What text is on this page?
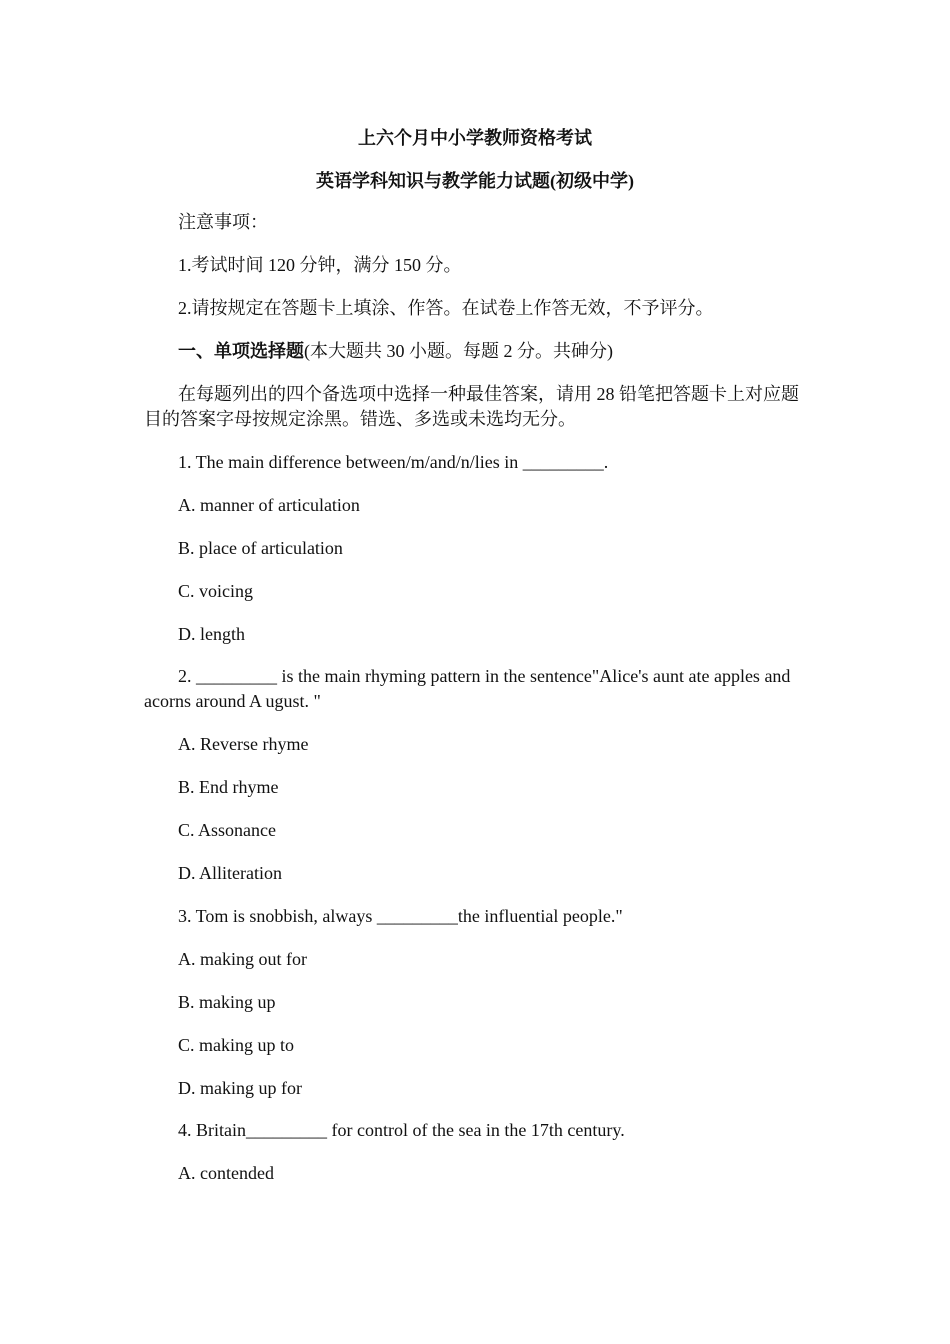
上六个月中小学教师资格考试
英语学科知识与教学能力试题(初级中学)
注意事项：
1.考试时间 120 分钟，满分 150 分。
2.请按规定在答题卡上填涂、作答。在试卷上作答无效，不予评分。
一、单项选择题(本大题共 30 小题。每题 2 分。共砷分)
在每题列出的四个备选项中选择一种最佳答案，请用 28 铅笔把答题卡上对应题目的答案字母按规定涂黑。错选、多选或未选均无分。
1. The main difference between/m/and/n/lies in _________.
A. manner of articulation
B. place of articulation
C. voicing
D. length
2. _________ is the main rhyming pattern in the sentence"Alice's aunt ate apples and acorns around A ugust. "
A. Reverse rhyme
B. End rhyme
C. Assonance
D. Alliteration
3. Tom is snobbish, always _________the influential people."
A. making out for
B. making up
C. making up to
D. making up for
4. Britain_________ for control of the sea in the 17th century.
A. contended
